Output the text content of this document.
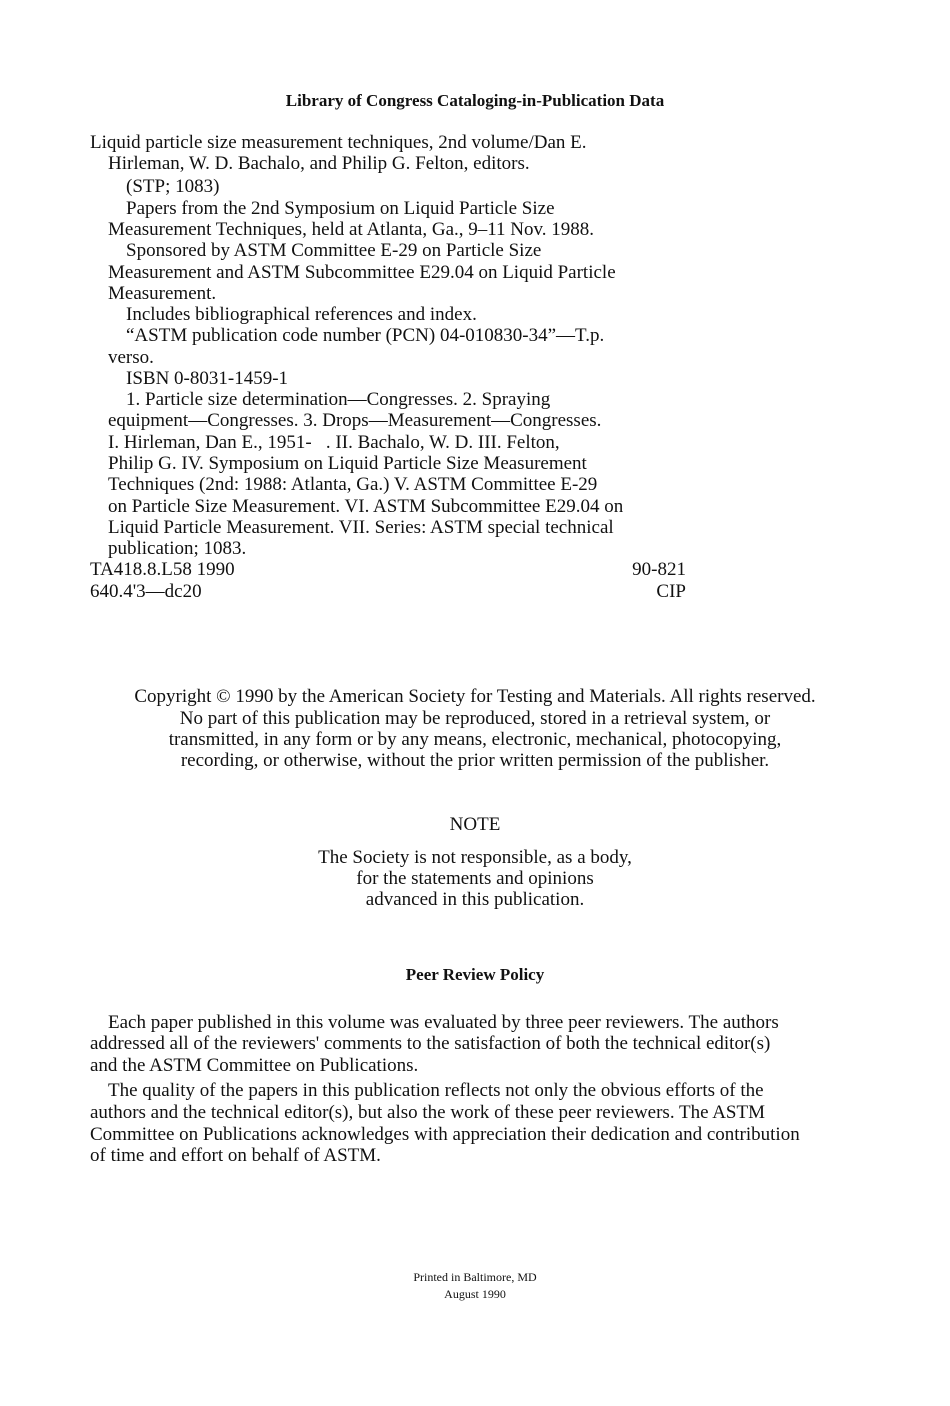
Library of Congress Cataloging-in-Publication Data
Liquid particle size measurement techniques, 2nd volume/Dan E.
Hirleman, W. D. Bachalo, and Philip G. Felton, editors.
(STP; 1083)
Papers from the 2nd Symposium on Liquid Particle Size
Measurement Techniques, held at Atlanta, Ga., 9–11 Nov. 1988.
Sponsored by ASTM Committee E-29 on Particle Size
Measurement and ASTM Subcommittee E29.04 on Liquid Particle
Measurement.
Includes bibliographical references and index.
“ASTM publication code number (PCN) 04-010830-34”—T.p.
verso.
ISBN 0-8031-1459-1
1. Particle size determination—Congresses. 2. Spraying
equipment—Congresses. 3. Drops—Measurement—Congresses.
I. Hirleman, Dan E., 1951-   . II. Bachalo, W. D. III. Felton,
Philip G. IV. Symposium on Liquid Particle Size Measurement
Techniques (2nd: 1988: Atlanta, Ga.) V. ASTM Committee E-29
on Particle Size Measurement. VI. ASTM Subcommittee E29.04 on
Liquid Particle Measurement. VII. Series: ASTM special technical
publication; 1083.
TA418.8.L58 1990	90-821
640.4'3—dc20	CIP
Copyright © 1990 by the American Society for Testing and Materials. All rights reserved.
No part of this publication may be reproduced, stored in a retrieval system, or
transmitted, in any form or by any means, electronic, mechanical, photocopying,
recording, or otherwise, without the prior written permission of the publisher.
NOTE
The Society is not responsible, as a body,
for the statements and opinions
advanced in this publication.
Peer Review Policy
Each paper published in this volume was evaluated by three peer reviewers. The authors
addressed all of the reviewers' comments to the satisfaction of both the technical editor(s)
and the ASTM Committee on Publications.
The quality of the papers in this publication reflects not only the obvious efforts of the
authors and the technical editor(s), but also the work of these peer reviewers. The ASTM
Committee on Publications acknowledges with appreciation their dedication and contribution
of time and effort on behalf of ASTM.
Printed in Baltimore, MD
August 1990
